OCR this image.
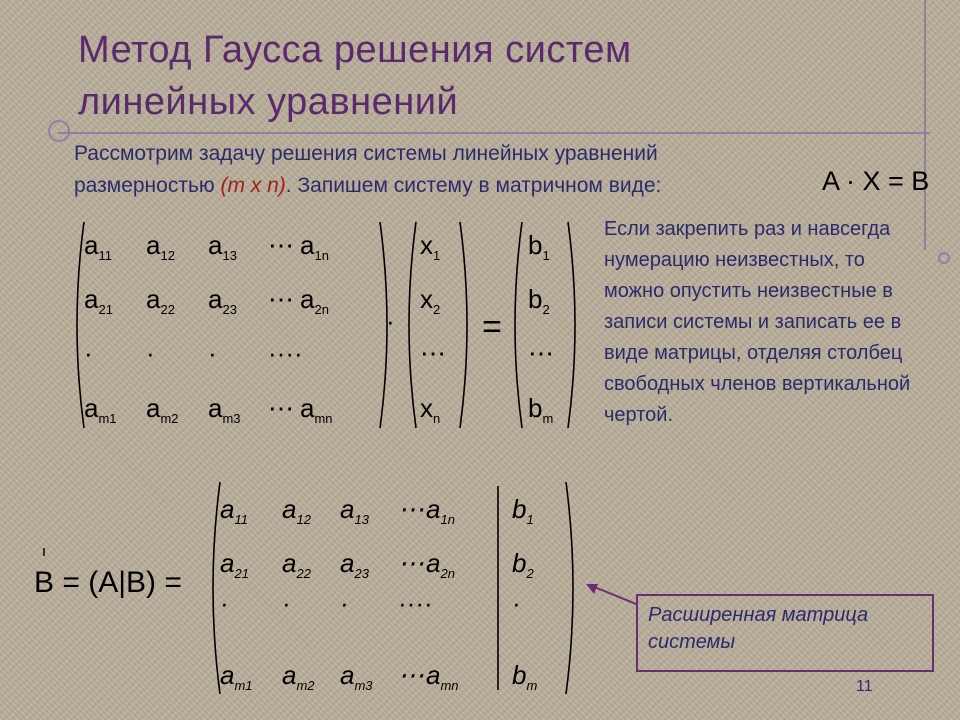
Метод Гаусса решения систем
линейных уравнений
Рассмотрим задачу решения системы линейных уравнений
размерностью (m x n). Запишем систему в матричном виде:	A · X = B
Если закрепить раз и навсегда нумерацию неизвестных, то можно опустить неизвестные в записи системы и записать ее в виде матрицы, отделяя столбец свободных членов вертикальной чертой.
$a_{11}$ $a_{12}$ $a_{13}$ ⋯ $a_{1n}$
$a_{21}$ $a_{22}$ $a_{23}$ ⋯ $a_{2n}$
· · · ····
$a_{m1}$ $a_{m2}$ $a_{m3}$ ⋯ $a_{mn}$
·
$x_1$
$x_2$
⋯
$x_n$
=
$b_1$
$b_2$
⋯
$b_m$
B = (A|B) =
$a_{11}$ $a_{12}$ $a_{13}$ ⋯ $a_{1n}$ $b_1$
$a_{21}$ $a_{22}$ $a_{23}$ ⋯ $a_{2n}$ $b_2$
· · · ····	·
$a_{m1}$ $a_{m2}$ $a_{m3}$ ⋯ $a_{mn}$ $b_m$
Расширенная матрица системы
11
